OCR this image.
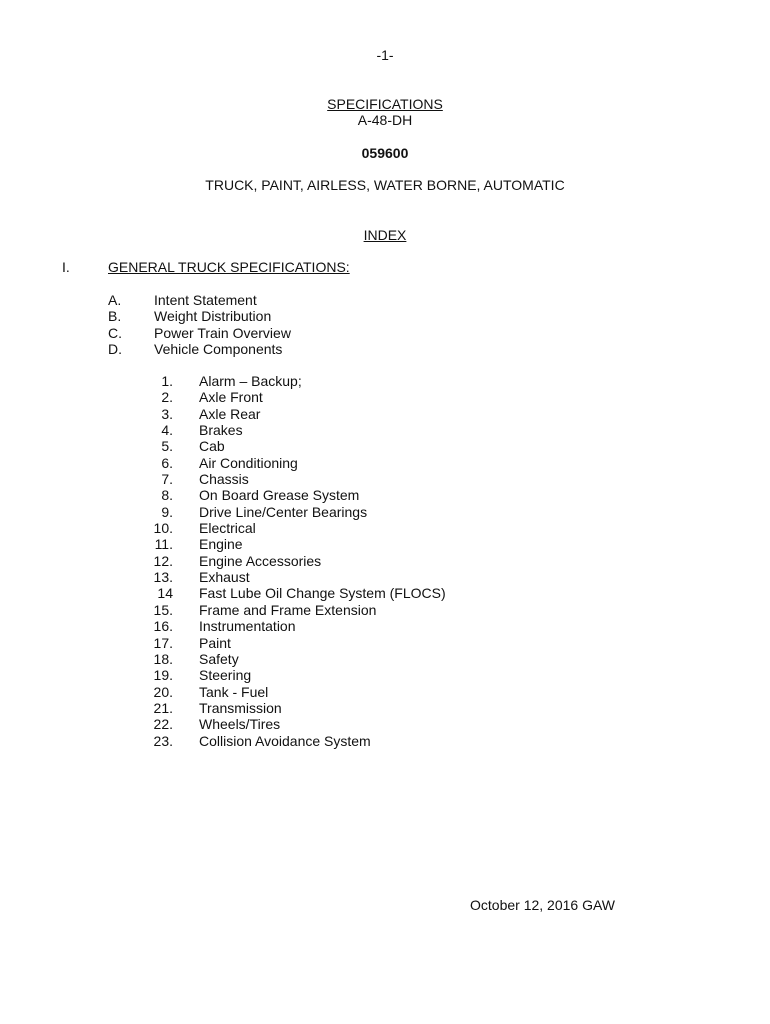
-1-
SPECIFICATIONS
A-48-DH
059600
TRUCK, PAINT, AIRLESS, WATER BORNE, AUTOMATIC
INDEX
I.	GENERAL TRUCK SPECIFICATIONS:
A. Intent Statement
B. Weight Distribution
C. Power Train Overview
D. Vehicle Components
1. Alarm – Backup;
2. Axle Front
3. Axle Rear
4. Brakes
5. Cab
6. Air Conditioning
7. Chassis
8. On Board Grease System
9. Drive Line/Center Bearings
10. Electrical
11. Engine
12. Engine Accessories
13. Exhaust
14 Fast Lube Oil Change System (FLOCS)
15. Frame and Frame Extension
16. Instrumentation
17. Paint
18. Safety
19. Steering
20. Tank - Fuel
21. Transmission
22. Wheels/Tires
23. Collision Avoidance System
October 12, 2016 GAW
